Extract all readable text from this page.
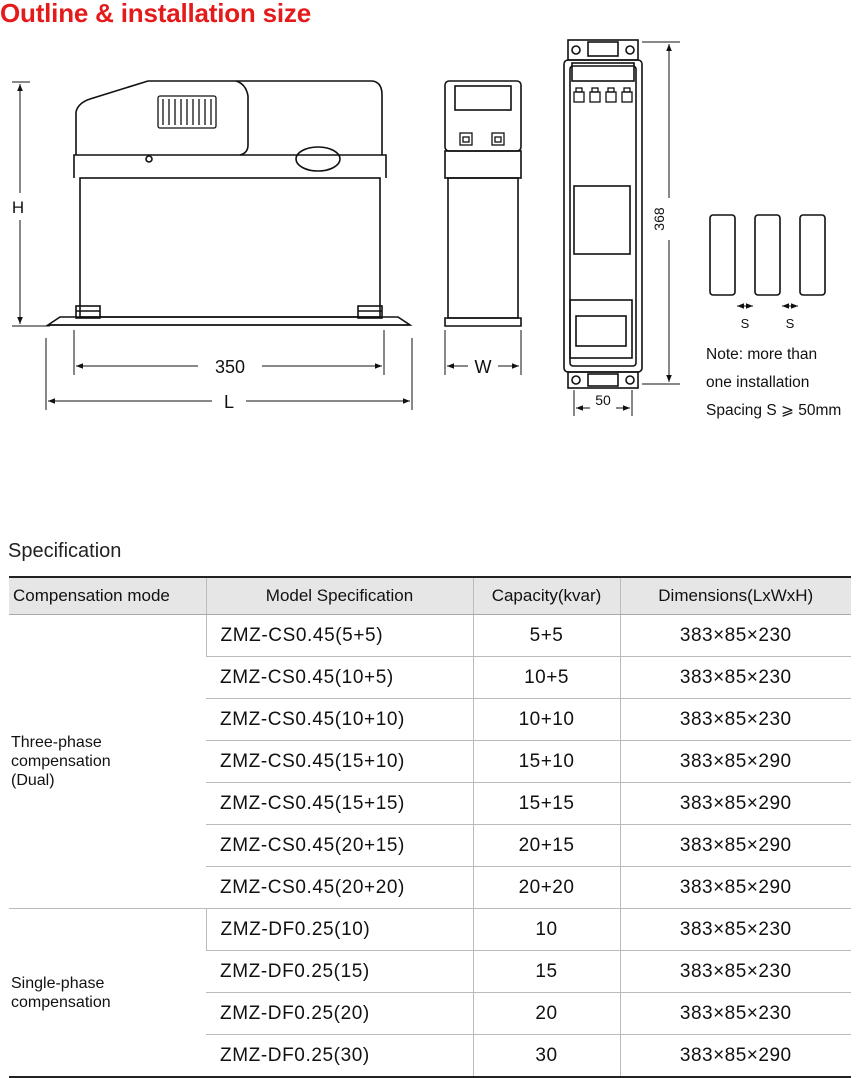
Outline & installation size
H
350
L
W
368
50
S	S
Note: more than
one installation
Spacing S ⩾ 50mm
Specification
Compensation mode	Model Specification	Capacity(kvar)	Dimensions(LxWxH)

Three-phase
compensation
(Dual)	ZMZ-CS0.45(5+5)	5+5	383×85×230
	ZMZ-CS0.45(10+5)	10+5	383×85×230
	ZMZ-CS0.45(10+10)	10+10	383×85×230
	ZMZ-CS0.45(15+10)	15+10	383×85×290
	ZMZ-CS0.45(15+15)	15+15	383×85×290
	ZMZ-CS0.45(20+15)	20+15	383×85×290
	ZMZ-CS0.45(20+20)	20+20	383×85×290

Single-phase
compensation	ZMZ-DF0.25(10)	10	383×85×230
	ZMZ-DF0.25(15)	15	383×85×230
	ZMZ-DF0.25(20)	20	383×85×230
	ZMZ-DF0.25(30)	30	383×85×290
